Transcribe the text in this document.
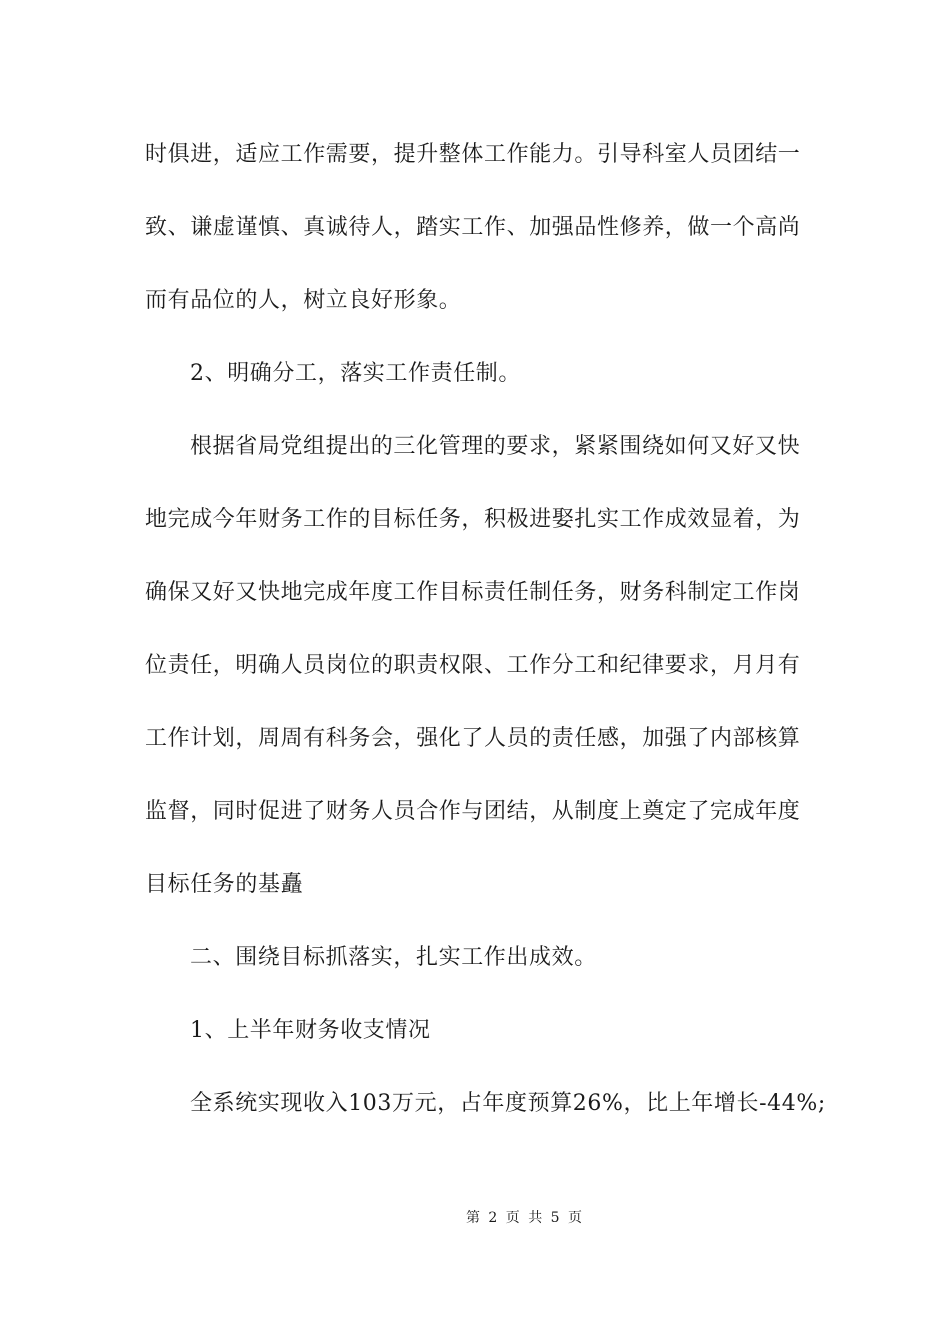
时俱进，适应工作需要，提升整体工作能力。引导科室人员团结一
致、谦虚谨慎、真诚待人，踏实工作、加强品性修养，做一个高尚
而有品位的人，树立良好形象。
2、明确分工，落实工作责任制。
根据省局党组提出的三化管理的要求，紧紧围绕如何又好又快
地完成今年财务工作的目标任务，积极进娶扎实工作成效显着，为
确保又好又快地完成年度工作目标责任制任务，财务科制定工作岗
位责任，明确人员岗位的职责权限、工作分工和纪律要求，月月有
工作计划，周周有科务会，强化了人员的责任感，加强了内部核算
监督，同时促进了财务人员合作与团结，从制度上奠定了完成年度
目标任务的基矗
二、围绕目标抓落实，扎实工作出成效。
1、上半年财务收支情况
全系统实现收入103万元，占年度预算26%，比上年增长-44%;
第 2 页 共 5 页
